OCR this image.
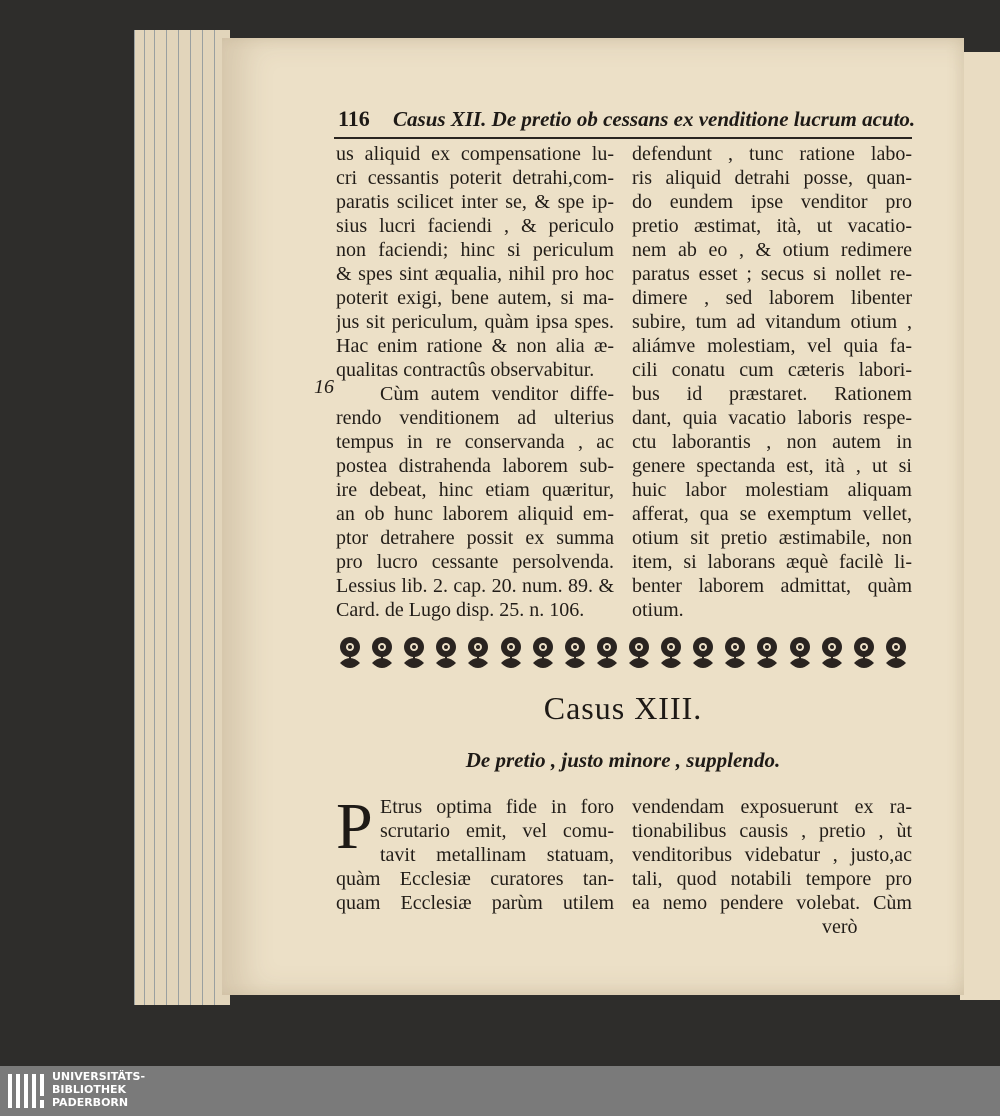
116 Casus XII. De pretio ob cessans ex venditione lucrum acuto.
16
us aliquid ex compensatione lu-
cri cessantis poterit detrahi,com-
paratis scilicet inter se, & spe ip-
sius lucri faciendi , & periculo
non faciendi; hinc si periculum
& spes sint æqualia, nihil pro hoc
poterit exigi, bene autem, si ma-
jus sit periculum, quàm ipsa spes.
Hac enim ratione & non alia æ-
qualitas contractûs observabitur.
Cùm autem venditor diffe-
rendo venditionem ad ulterius
tempus in re conservanda , ac
postea distrahenda laborem sub-
ire debeat, hinc etiam quæritur,
an ob hunc laborem aliquid em-
ptor detrahere possit ex summa
pro lucro cessante persolvenda.
Lessius lib. 2. cap. 20. num. 89. &
Card. de Lugo disp. 25. n. 106.
defendunt , tunc ratione labo-
ris aliquid detrahi posse, quan-
do eundem ipse venditor pro
pretio æstimat, ità, ut vacatio-
nem ab eo , & otium redimere
paratus esset ; secus si nollet re-
dimere , sed laborem libenter
subire, tum ad vitandum otium ,
aliámve molestiam, vel quia fa-
cili conatu cum cæteris labori-
bus id præstaret. Rationem
dant, quia vacatio laboris respe-
ctu laborantis , non autem in
genere spectanda est, ità , ut si
huic labor molestiam aliquam
afferat, qua se exemptum vellet,
otium sit pretio æstimabile, non
item, si laborans æquè facilè li-
benter laborem admittat, quàm
otium.
Casus XIII.
De pretio , justo minore , supplendo.
P Etrus optima fide in foro
scrutario emit, vel comu-
tavit metallinam statuam,
quàm Ecclesiæ curatores tan-
quam Ecclesiæ parùm utilem
vendendam exposuerunt ex ra-
tionabilibus causis , pretio , ùt
venditoribus videbatur , justo,ac
tali, quod notabili tempore pro
ea nemo pendere volebat. Cùm
verò
UNIVERSITÄTS-
BIBLIOTHEK
PADERBORN
